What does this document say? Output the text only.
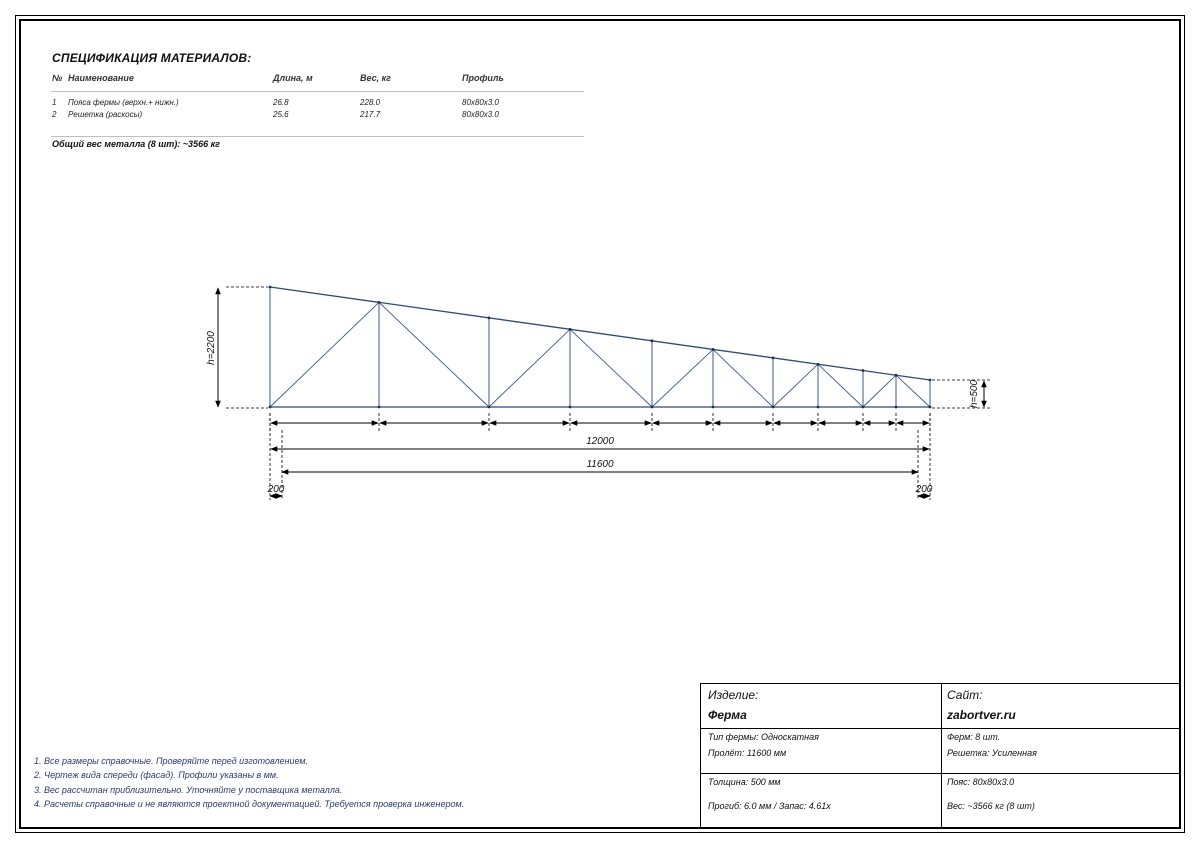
СПЕЦИФИКАЦИЯ МАТЕРИАЛОВ:
№ Наименование	Длина, м	Вес, кг	Профиль
1 Пояса фермы (верхн.+ нижн.)	26.8	228.0	80x80x3.0
2 Решетка (раскосы)	25.6	217.7	80x80x3.0
Общий вес металла (8 шт): ~3566 кг
h=2200
h=500
12000
11600
200	200
1. Все размеры справочные. Проверяйте перед изготовлением.
2. Чертеж вида спереди (фасад). Профили указаны в мм.
3. Вес рассчитан приблизительно. Уточняйте у поставщика металла.
4. Расчеты справочные и не являются проектной документацией. Требуется проверка инженером.
Изделие:
Ферма
Сайт:
zabortver.ru
Тип фермы: Односкатная
Пролёт: 11600 мм
Ферм: 8 шт.
Решетка: Усиленная
Толщина: 500 мм
Прогиб: 6.0 мм / Запас: 4.61x
Пояс: 80x80x3.0
Вес: ~3566 кг (8 шт)
